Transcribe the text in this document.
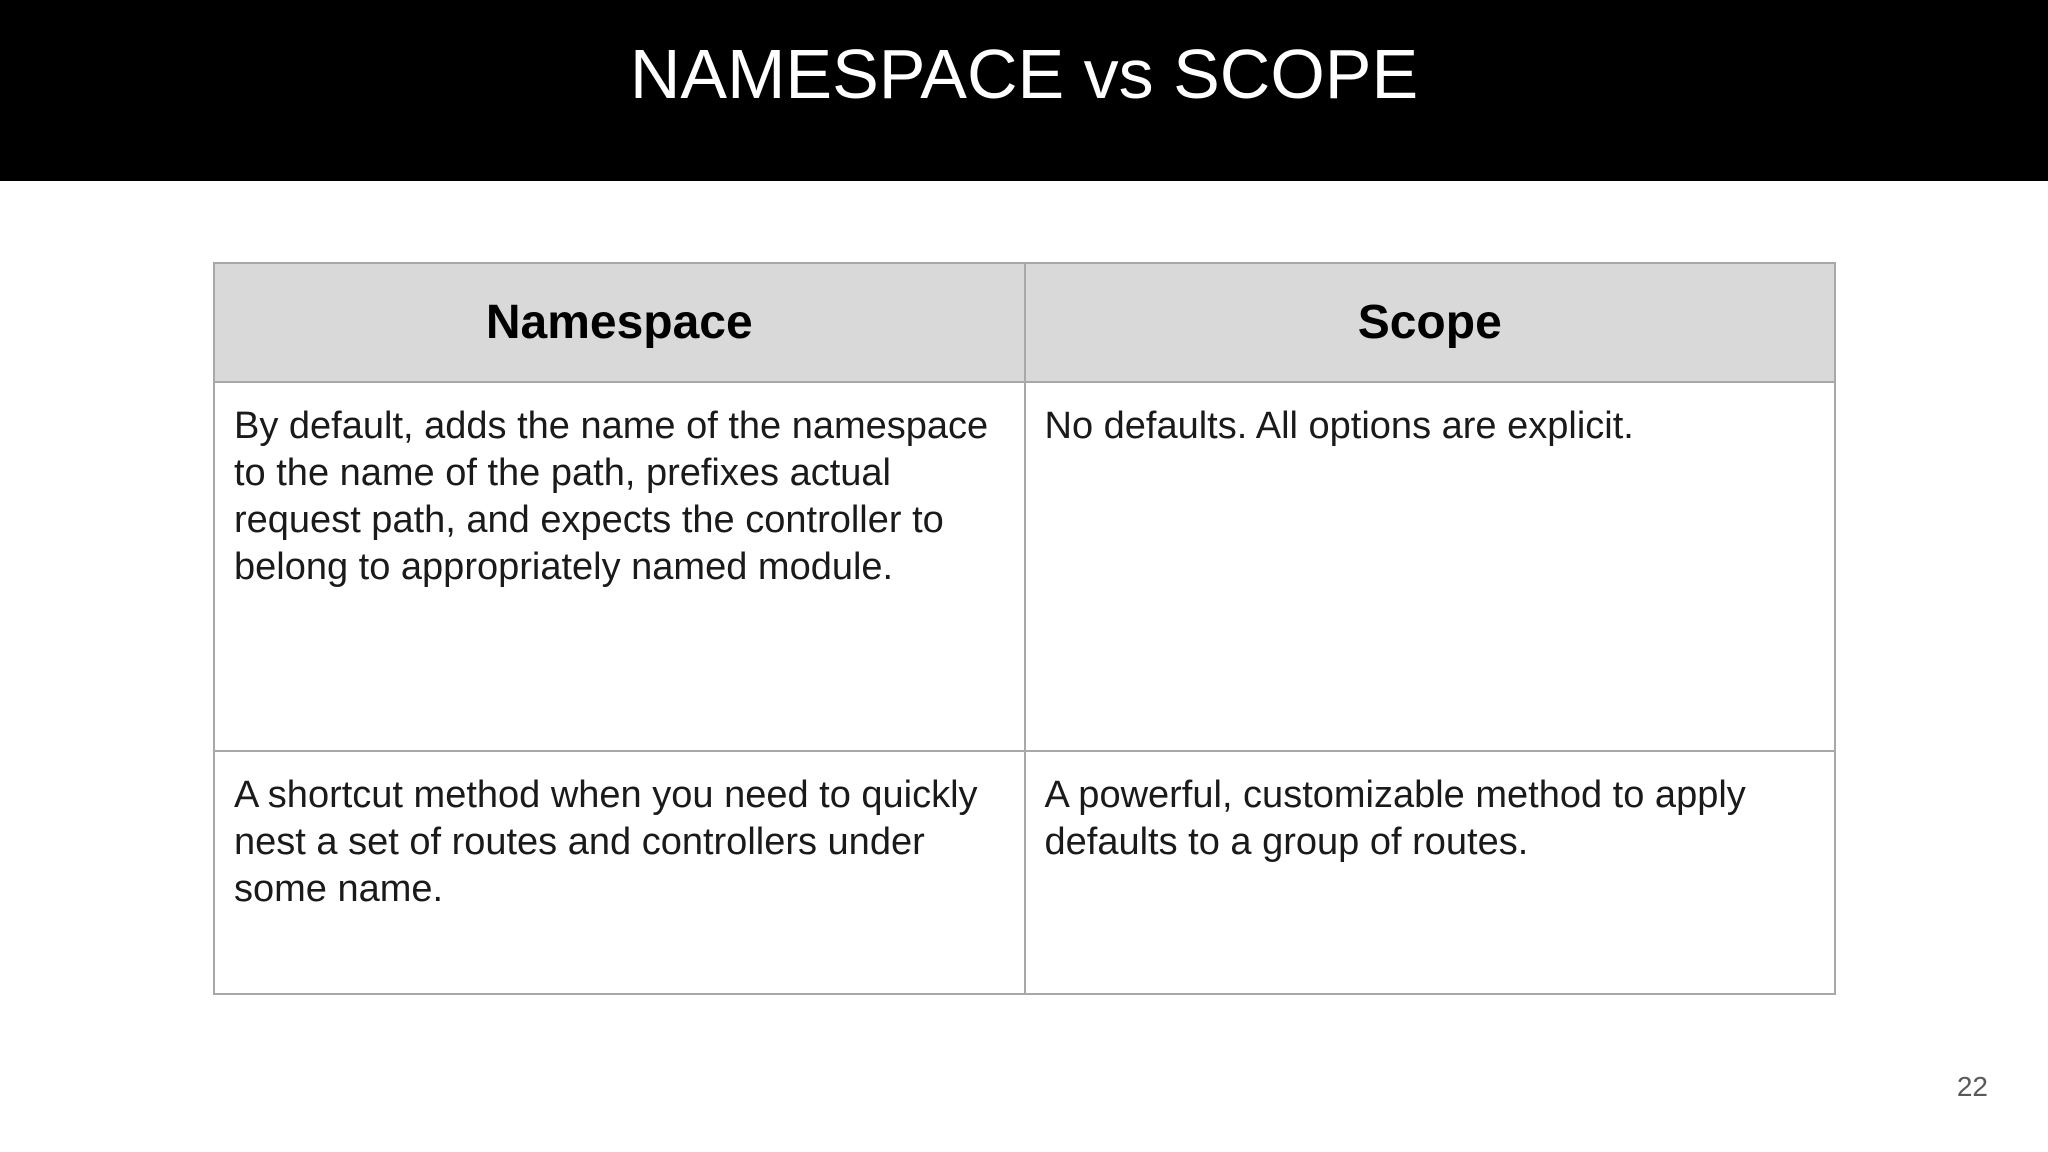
NAMESPACE vs SCOPE
Namespace	Scope
By default, adds the name of the namespace to the name of the path, prefixes actual request path, and expects the controller to belong to appropriately named module.	No defaults. All options are explicit.
A shortcut method when you need to quickly nest a set of routes and controllers under some name.	A powerful, customizable method to apply defaults to a group of routes.
22
